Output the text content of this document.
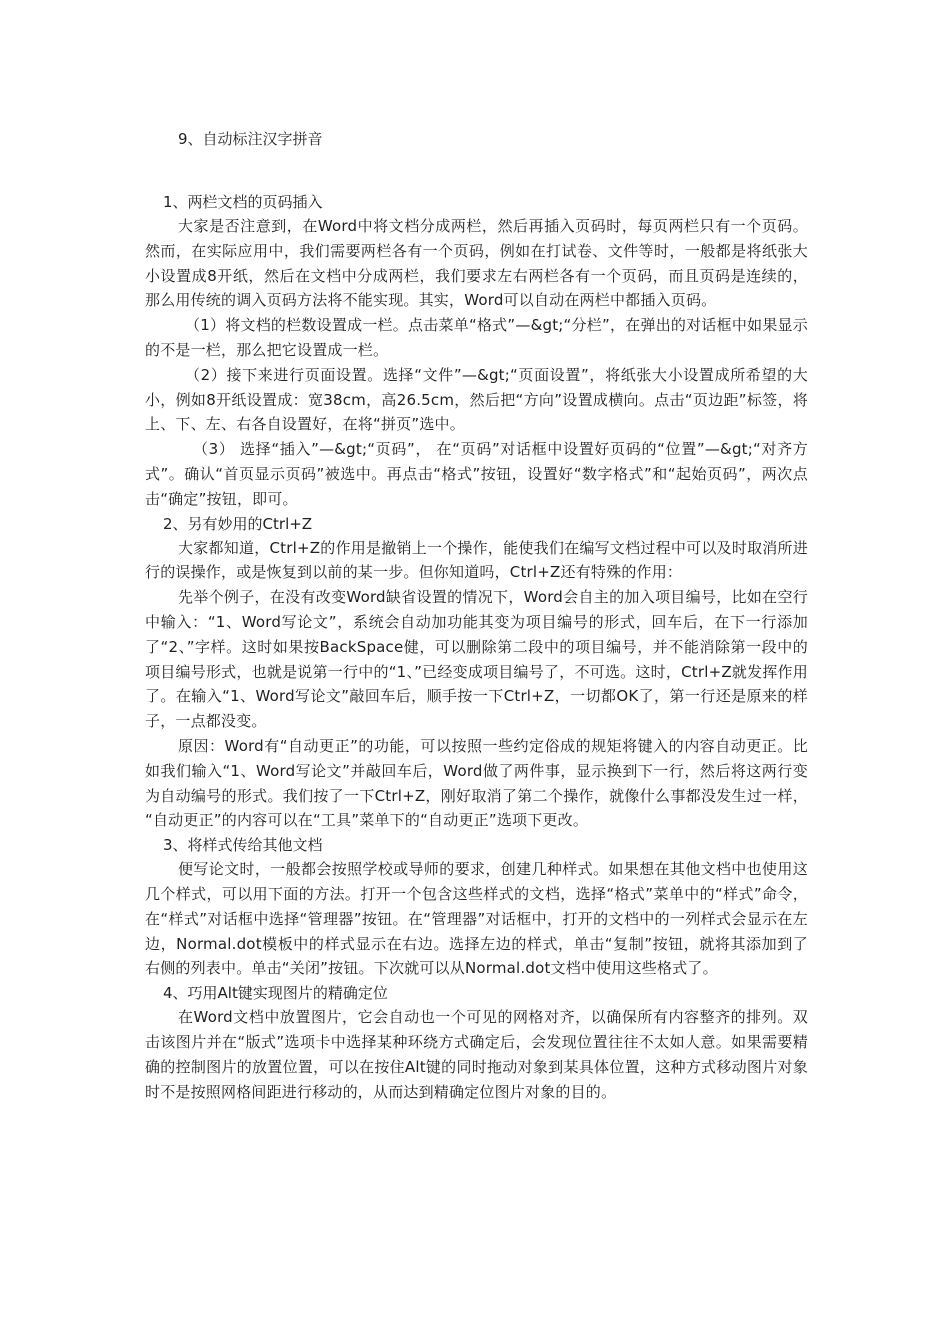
9、自动标注汉字拼音
1、两栏文档的页码插入

大家是否注意到，在Word中将文档分成两栏，然后再插入页码时，每页两栏只有一个页码。然而，在实际应用中，我们需要两栏各有一个页码，例如在打试卷、文件等时，一般都是将纸张大小设置成8开纸，然后在文档中分成两栏，我们要求左右两栏各有一个页码，而且页码是连续的，那么用传统的调入页码方法将不能实现。其实，Word可以自动在两栏中都插入页码。

（1）将文档的栏数设置成一栏。点击菜单“格式”—&gt;“分栏”，在弹出的对话框中如果显示的不是一栏，那么把它设置成一栏。

（2）接下来进行页面设置。选择“文件”—&gt;“页面设置”，将纸张大小设置成所希望的大小，例如8开纸设置成：宽38cm，高26.5cm，然后把“方向”设置成横向。点击“页边距”标签，将上、下、左、右各自设置好，在将“拼页”选中。

（3） 选择“插入”—&gt;“页码”， 在“页码”对话框中设置好页码的“位置”—&gt;“对齐方式”。确认“首页显示页码”被选中。再点击“格式”按钮，设置好“数字格式”和“起始页码”，两次点击“确定”按钮，即可。

2、另有妙用的Ctrl+Z

大家都知道，Ctrl+Z的作用是撤销上一个操作，能使我们在编写文档过程中可以及时取消所进行的误操作，或是恢复到以前的某一步。但你知道吗，Ctrl+Z还有特殊的作用：

先举个例子，在没有改变Word缺省设置的情况下，Word会自主的加入项目编号，比如在空行中输入：“1、Word写论文”，系统会自动加功能其变为项目编号的形式，回车后，在下一行添加了“2、”字样。这时如果按BackSpace健，可以删除第二段中的项目编号，并不能消除第一段中的项目编号形式，也就是说第一行中的“1、”已经变成项目编号了，不可选。这时，Ctrl+Z就发挥作用了。在输入“1、Word写论文”敲回车后，顺手按一下Ctrl+Z，一切都OK了，第一行还是原来的样子，一点都没变。

原因：Word有“自动更正”的功能，可以按照一些约定俗成的规矩将键入的内容自动更正。比如我们输入“1、Word写论文”并敲回车后，Word做了两件事，显示换到下一行，然后将这两行变为自动编号的形式。我们按了一下Ctrl+Z，刚好取消了第二个操作，就像什么事都没发生过一样， “自动更正”的内容可以在“工具”菜单下的“自动更正”选项下更改。

3、将样式传给其他文档

便写论文时，一般都会按照学校或导师的要求，创建几种样式。如果想在其他文档中也使用这几个样式，可以用下面的方法。打开一个包含这些样式的文档，选择“格式”菜单中的“样式”命令，在“样式”对话框中选择“管理器”按钮。在“管理器”对话框中，打开的文档中的一列样式会显示在左边，Normal.dot模板中的样式显示在右边。选择左边的样式，单击“复制”按钮，就将其添加到了右侧的列表中。单击“关闭”按钮。下次就可以从Normal.dot文档中使用这些格式了。

4、巧用Alt键实现图片的精确定位

在Word文档中放置图片，它会自动也一个可见的网格对齐，以确保所有内容整齐的排列。双击该图片并在“版式”选项卡中选择某种环绕方式确定后，会发现位置往往不太如人意。如果需要精确的控制图片的放置位置，可以在按住Alt键的同时拖动对象到某具体位置，这种方式移动图片对象时不是按照网格间距进行移动的，从而达到精确定位图片对象的目的。
